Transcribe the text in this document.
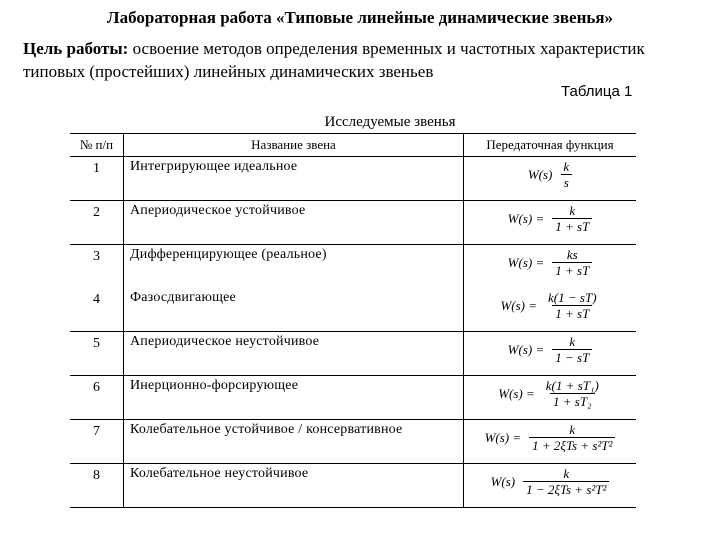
Лабораторная работа «Типовые линейные динамические звенья»
Цель работы: освоение методов определения временных и частотных характеристик типовых (простейших) линейных динамических звеньев
Таблица 1
Исследуемые звенья
№ п/п	Название звена	Передаточная функция

1	Интегрирующее идеальное	$W(s) \frac{k}{s}$

2	Апериодическое устойчивое	$W(s) = \frac{k}{1 + sT}$

3	Дифференцирующее (реальное)	$W(s) = \frac{ks}{1 + sT}$

4	Фазосдвигающее	$W(s) = \frac{k(1 - sT)}{1 + sT}$

5	Апериодическое неустойчивое	$W(s) = \frac{k}{1 - sT}$

6	Инерционно-форсирующее	$W(s) = \frac{\text{k(1 + sT₁)}}{\text{1 + sT₂}}$

7	Колебательное устойчивое / консервативное	$W(s) = \frac{k}{\text{1 + 2ξTs + s²T²}}$

8	Колебательное неустойчивое	$W(s) \frac{k}{\text{1 − 2ξTs + s²T²}}$
